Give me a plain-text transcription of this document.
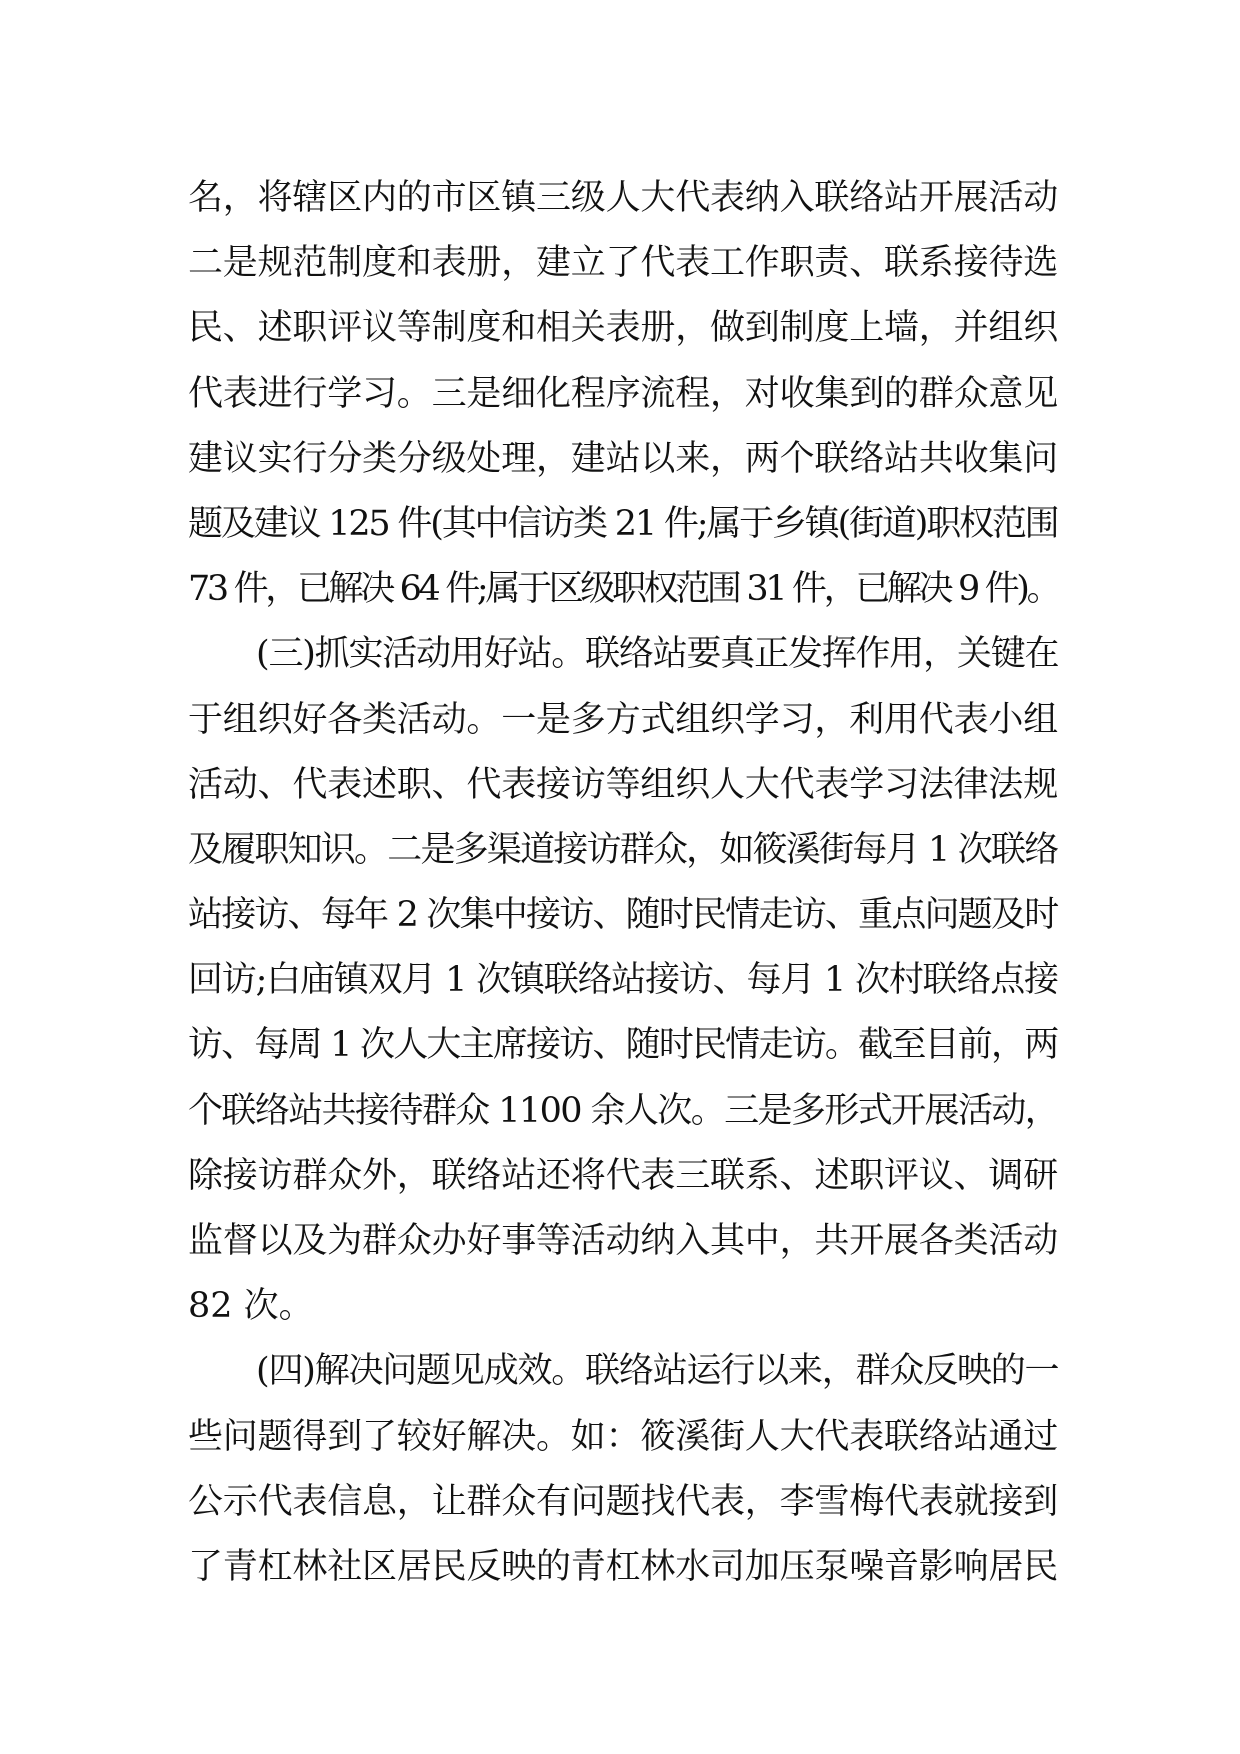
名，将辖区内的市区镇三级人大代表纳入联络站开展活动
二是规范制度和表册，建立了代表工作职责、联系接待选
民、述职评议等制度和相关表册，做到制度上墙，并组织
代表进行学习。三是细化程序流程，对收集到的群众意见
建议实行分类分级处理，建站以来，两个联络站共收集问
题及建议 125 件(其中信访类 21 件;属于乡镇(街道)职权范围
73 件，已解决 64 件;属于区级职权范围 31 件，已解决 9 件)。
(三)抓实活动用好站。联络站要真正发挥作用，关键在
于组织好各类活动。一是多方式组织学习，利用代表小组
活动、代表述职、代表接访等组织人大代表学习法律法规
及履职知识。二是多渠道接访群众，如筱溪街每月 1 次联络
站接访、每年 2 次集中接访、随时民情走访、重点问题及时
回访;白庙镇双月 1 次镇联络站接访、每月 1 次村联络点接
访、每周 1 次人大主席接访、随时民情走访。截至目前，两
个联络站共接待群众 1100 余人次。三是多形式开展活动，
除接访群众外，联络站还将代表三联系、述职评议、调研
监督以及为群众办好事等活动纳入其中，共开展各类活动
82 次。
(四)解决问题见成效。联络站运行以来，群众反映的一
些问题得到了较好解决。如：筱溪街人大代表联络站通过
公示代表信息，让群众有问题找代表，李雪梅代表就接到
了青杠林社区居民反映的青杠林水司加压泵噪音影响居民
